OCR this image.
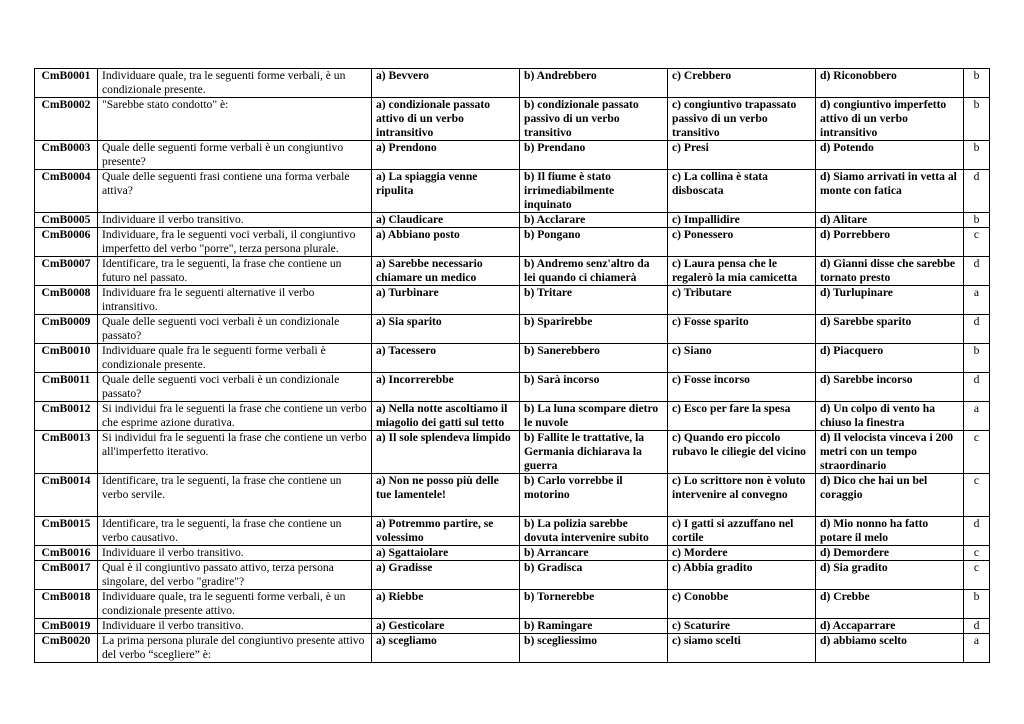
CmB0001	Individuare quale, tra le seguenti forme verbali, è un condizionale presente.	a) Bevvero	b) Andrebbero	c) Crebbero	d) Riconobbero	b
CmB0002	"Sarebbe stato condotto" è:	a) condizionale passato attivo di un verbo intransitivo	b) condizionale passato passivo di un verbo transitivo	c) congiuntivo trapassato passivo di un verbo transitivo	d) congiuntivo imperfetto attivo di un verbo intransitivo	b
CmB0003	Quale delle seguenti forme verbali è un congiuntivo presente?	a) Prendono	b) Prendano	c) Presi	d) Potendo	b
CmB0004	Quale delle seguenti frasi contiene una forma verbale attiva?	a) La spiaggia venne ripulita	b) Il fiume è stato irrimediabilmente inquinato	c) La collina è stata disboscata	d) Siamo arrivati in vetta al monte con fatica	d
CmB0005	Individuare il verbo transitivo.	a) Claudicare	b) Acclarare	c) Impallidire	d) Alitare	b
CmB0006	Individuare, fra le seguenti voci verbali, il congiuntivo imperfetto del verbo "porre", terza persona plurale.	a) Abbiano posto	b) Pongano	c) Ponessero	d) Porrebbero	c
CmB0007	Identificare, tra le seguenti, la frase che contiene un futuro nel passato.	a) Sarebbe necessario chiamare un medico	b) Andremo senz'altro da lei quando ci chiamerà	c) Laura pensa che le regalerò la mia camicetta	d) Gianni disse che sarebbe tornato presto	d
CmB0008	Individuare fra le seguenti alternative il verbo intransitivo.	a) Turbinare	b) Tritare	c) Tributare	d) Turlupinare	a
CmB0009	Quale delle seguenti voci verbali è un condizionale passato?	a) Sia sparito	b) Sparirebbe	c) Fosse sparito	d) Sarebbe sparito	d
CmB0010	Individuare quale fra le seguenti forme verbali è condizionale presente.	a) Tacessero	b) Sanerebbero	c) Siano	d) Piacquero	b
CmB0011	Quale delle seguenti voci verbali è un condizionale passato?	a) Incorrerebbe	b) Sarà incorso	c) Fosse incorso	d) Sarebbe incorso	d
CmB0012	Si individui fra le seguenti la frase che contiene un verbo che esprime azione durativa.	a) Nella notte ascoltiamo il miagolio dei gatti sul tetto	b) La luna scompare dietro le nuvole	c) Esco per fare la spesa	d) Un colpo di vento ha chiuso la finestra	a
CmB0013	Si individui fra le seguenti la frase che contiene un verbo all'imperfetto iterativo.	a) Il sole splendeva limpido	b) Fallite le trattative, la Germania dichiarava la guerra	c) Quando ero piccolo rubavo le ciliegie del vicino	d) Il velocista vinceva i 200 metri con un tempo straordinario	c
CmB0014	Identificare, tra le seguenti, la frase che contiene un verbo servile.	a) Non ne posso più delle tue lamentele!	b) Carlo vorrebbe il motorino	c) Lo scrittore non è voluto intervenire al convegno	d) Dico che hai un bel coraggio	c
CmB0015	Identificare, tra le seguenti, la frase che contiene un verbo causativo.	a) Potremmo partire, se volessimo	b) La polizia sarebbe dovuta intervenire subito	c) I gatti si azzuffano nel cortile	d) Mio nonno ha fatto potare il melo	d
CmB0016	Individuare il verbo transitivo.	a) Sgattaiolare	b) Arrancare	c) Mordere	d) Demordere	c
CmB0017	Qual è il congiuntivo passato attivo, terza persona singolare, del verbo "gradire"?	a) Gradisse	b) Gradisca	c) Abbia gradito	d) Sia gradito	c
CmB0018	Individuare quale, tra le seguenti forme verbali, è un condizionale presente attivo.	a) Riebbe	b) Tornerebbe	c) Conobbe	d) Crebbe	b
CmB0019	Individuare il verbo transitivo.	a) Gesticolare	b) Ramingare	c) Scaturire	d) Accaparrare	d
CmB0020	La prima persona plurale del congiuntivo presente attivo del verbo “scegliere” è:	a) scegliamo	b) scegliessimo	c) siamo scelti	d) abbiamo scelto	a
